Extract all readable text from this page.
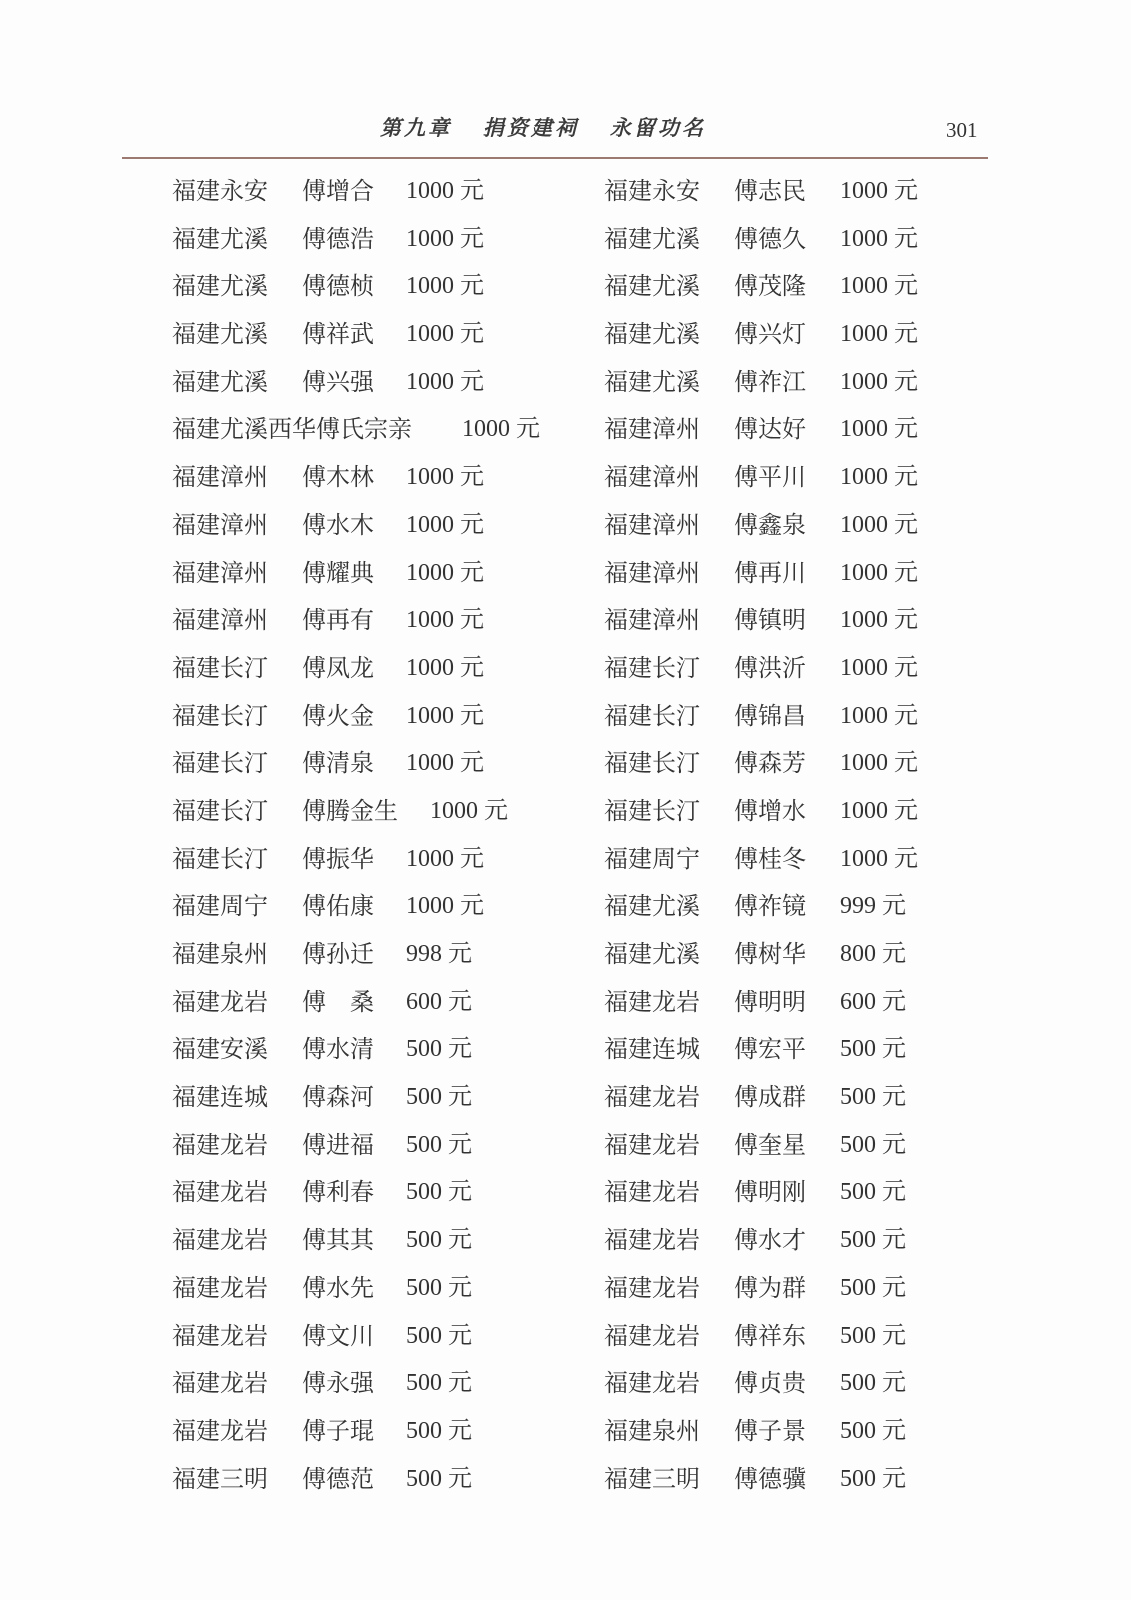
第九章   捐资建祠   永留功名	301
福建永安 傅增合 1000 元
福建尤溪 傅德浩 1000 元
福建尤溪 傅德桢 1000 元
福建尤溪 傅祥武 1000 元
福建尤溪 傅兴强 1000 元
福建尤溪西华傅氏宗亲 1000 元
福建漳州 傅木林 1000 元
福建漳州 傅水木 1000 元
福建漳州 傅耀典 1000 元
福建漳州 傅再有 1000 元
福建长汀 傅凤龙 1000 元
福建长汀 傅火金 1000 元
福建长汀 傅清泉 1000 元
福建长汀 傅腾金生 1000 元
福建长汀 傅振华 1000 元
福建周宁 傅佑康 1000 元
福建泉州 傅孙迁 998 元
福建龙岩 傅　桑 600 元
福建安溪 傅水清 500 元
福建连城 傅森河 500 元
福建龙岩 傅进福 500 元
福建龙岩 傅利春 500 元
福建龙岩 傅其其 500 元
福建龙岩 傅水先 500 元
福建龙岩 傅文川 500 元
福建龙岩 傅永强 500 元
福建龙岩 傅子琨 500 元
福建三明 傅德范 500 元
福建永安 傅志民 1000 元
福建尤溪 傅德久 1000 元
福建尤溪 傅茂隆 1000 元
福建尤溪 傅兴灯 1000 元
福建尤溪 傅祚江 1000 元
福建漳州 傅达好 1000 元
福建漳州 傅平川 1000 元
福建漳州 傅鑫泉 1000 元
福建漳州 傅再川 1000 元
福建漳州 傅镇明 1000 元
福建长汀 傅洪沂 1000 元
福建长汀 傅锦昌 1000 元
福建长汀 傅森芳 1000 元
福建长汀 傅增水 1000 元
福建周宁 傅桂冬 1000 元
福建尤溪 傅祚镜 999 元
福建尤溪 傅树华 800 元
福建龙岩 傅明明 600 元
福建连城 傅宏平 500 元
福建龙岩 傅成群 500 元
福建龙岩 傅奎星 500 元
福建龙岩 傅明刚 500 元
福建龙岩 傅水才 500 元
福建龙岩 傅为群 500 元
福建龙岩 傅祥东 500 元
福建龙岩 傅贞贵 500 元
福建泉州 傅子景 500 元
福建三明 傅德骥 500 元
